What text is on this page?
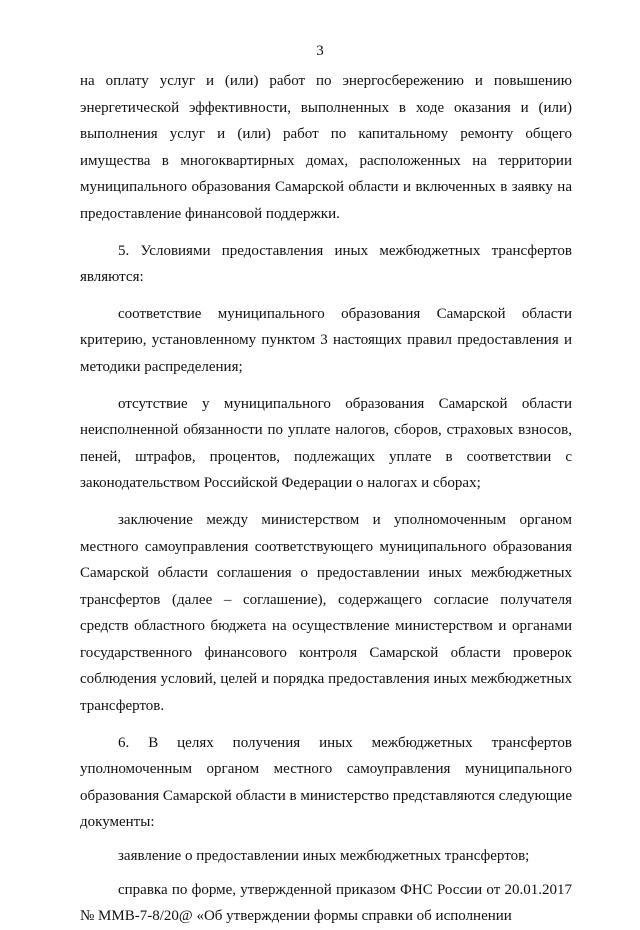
3

на оплату услуг и (или) работ по энергосбережению и повышению энергетической эффективности, выполненных в ходе оказания и (или) выполнения услуг и (или) работ по капитальному ремонту общего имущества в многоквартирных домах, расположенных на территории муниципального образования Самарской области и включенных в заявку на предоставление финансовой поддержки.

5. Условиями предоставления иных межбюджетных трансфертов являются:

соответствие муниципального образования Самарской области критерию, установленному пунктом 3 настоящих правил предоставления и методики распределения;

отсутствие у муниципального образования Самарской области неисполненной обязанности по уплате налогов, сборов, страховых взносов, пеней, штрафов, процентов, подлежащих уплате в соответствии с законодательством Российской Федерации о налогах и сборах;

заключение между министерством и уполномоченным органом местного самоуправления соответствующего муниципального образования Самарской области соглашения о предоставлении иных межбюджетных трансфертов (далее – соглашение), содержащего согласие получателя средств областного бюджета на осуществление министерством и органами государственного финансового контроля Самарской области проверок соблюдения условий, целей и порядка предоставления иных межбюджетных трансфертов.

6. В целях получения иных межбюджетных трансфертов уполномоченным органом местного самоуправления муниципального образования Самарской области в министерство представляются следующие документы:

заявление о предоставлении иных межбюджетных трансфертов;

справка по форме, утвержденной приказом ФНС России от 20.01.2017 № ММВ-7-8/20@ «Об утверждении формы справки об исполнении
